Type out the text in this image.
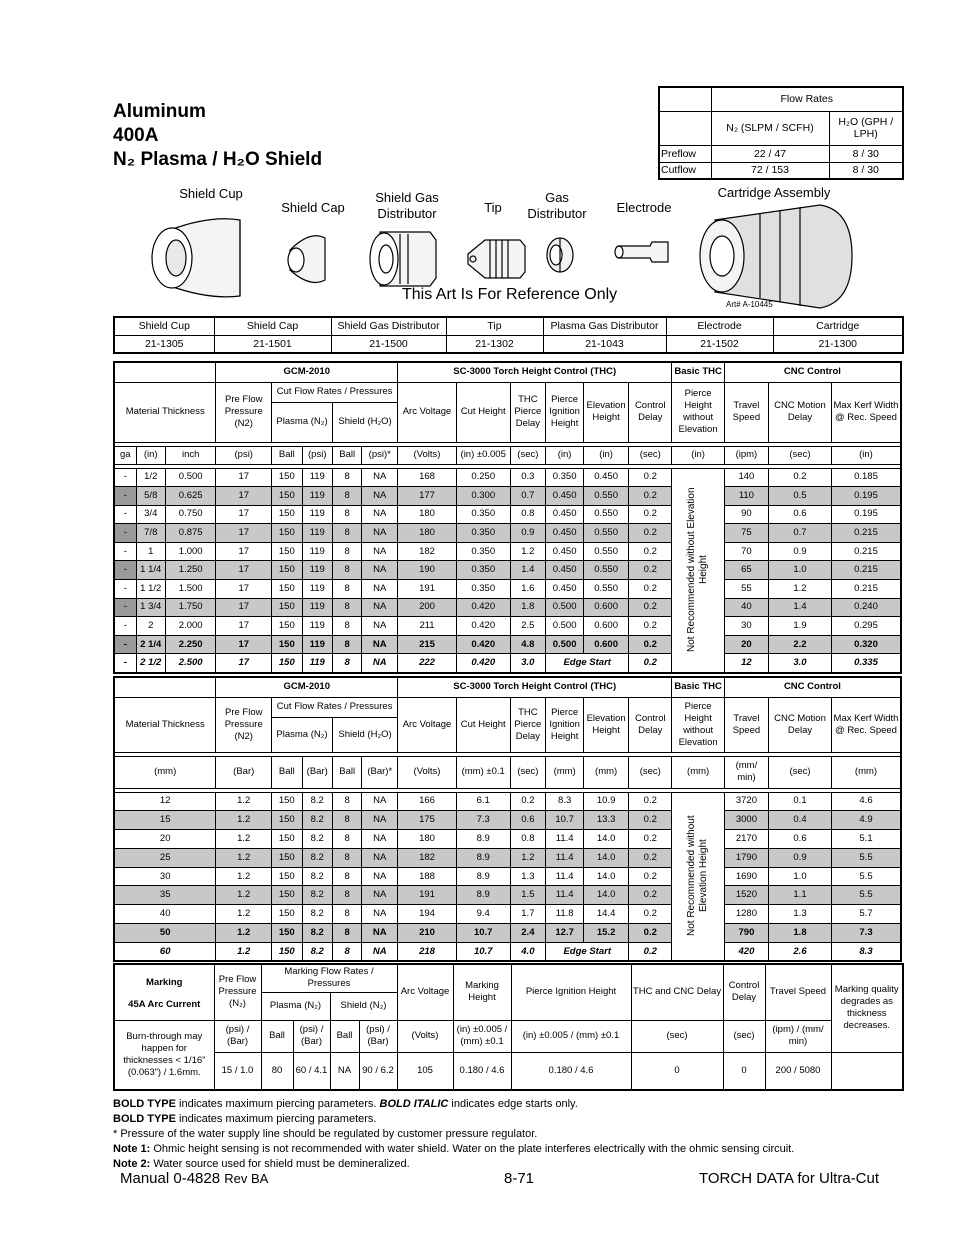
Aluminum
400A
N₂ Plasma / H₂O Shield
	Flow Rates	
	N₂ (SLPM / SCFH)	H₂O (GPH / LPH)
Preflow	22 / 47	8 / 30
Cutflow	72 / 153	8 / 30
Shield Cup
Shield Cap
Shield Gas Distributor	Tip
Gas Distributor	Electrode
Cartridge Assembly
This Art Is For Reference Only
Art# A-10445
Shield Cup	Shield Cap	Shield Gas Distributor	Tip	Plasma Gas Distributor	Electrode	Cartridge
21-1305	21-1501	21-1500	21-1302	21-1043	21-1502	21-1300
			GCM-2010					SC-3000 Torch Height Control (THC)						Basic THC	CNC Control		
Material Thickness			Pre Flow Pressure (N2)	Cut Flow Rates / Pressures				Arc Voltage	Cut Height	THC Pierce Delay	Pierce Ignition Height	Elevation Height	Control Delay	Pierce Height without Elevation	Travel Speed	CNC Motion Delay	Max Kerf Width @ Rec. Speed
				Plasma (N₂)		Shield (H₂O)											

ga	(in)	inch	(psi)	Ball	(psi)	Ball	(psi)*	(Volts)	(in) ±0.005	(sec)	(in)	(in)	(sec)	(in)	(ipm)	(sec)	(in)

-	1/2	0.500	17	150	119	8	NA	168	0.250	0.3	0.350	0.450	0.2	Not Recommended without Elevation Height	140	0.2	0.185
-	5/8	0.625	17	150	119	8	NA	177	0.300	0.7	0.450	0.550	0.2		110	0.5	0.195
-	3/4	0.750	17	150	119	8	NA	180	0.350	0.8	0.450	0.550	0.2		90	0.6	0.195
-	7/8	0.875	17	150	119	8	NA	180	0.350	0.9	0.450	0.550	0.2		75	0.7	0.215
-	1	1.000	17	150	119	8	NA	182	0.350	1.2	0.450	0.550	0.2		70	0.9	0.215
-	1 1/4	1.250	17	150	119	8	NA	190	0.350	1.4	0.450	0.550	0.2		65	1.0	0.215
-	1 1/2	1.500	17	150	119	8	NA	191	0.350	1.6	0.450	0.550	0.2		55	1.2	0.215
-	1 3/4	1.750	17	150	119	8	NA	200	0.420	1.8	0.500	0.600	0.2		40	1.4	0.240
-	2	2.000	17	150	119	8	NA	211	0.420	2.5	0.500	0.600	0.2		30	1.9	0.295
-	2 1/4	2.250	17	150	119	8	NA	215	0.420	4.8	0.500	0.600	0.2		20	2.2	0.320
-	2 1/2	2.500	17	150	119	8	NA	222	0.420	3.0	Edge Start		0.2		12	3.0	0.335
	GCM-2010					SC-3000 Torch Height Control (THC)						Basic THC	CNC Control		
Material Thickness	Pre Flow Pressure (N2)	Cut Flow Rates / Pressures				Arc Voltage	Cut Height	THC Pierce Delay	Pierce Ignition Height	Elevation Height	Control Delay	Pierce Height without Elevation	Travel Speed	CNC Motion Delay	Max Kerf Width @ Rec. Speed
		Plasma (N₂)		Shield (H₂O)											

(mm)	(Bar)	Ball	(Bar)	Ball	(Bar)*	(Volts)	(mm) ±0.1	(sec)	(mm)	(mm)	(sec)	(mm)	(mm/ min)	(sec)	(mm)

12	1.2	150	8.2	8	NA	166	6.1	0.2	8.3	10.9	0.2	Not Recommended without Elevation Height	3720	0.1	4.6
15	1.2	150	8.2	8	NA	175	7.3	0.6	10.7	13.3	0.2		3000	0.4	4.9
20	1.2	150	8.2	8	NA	180	8.9	0.8	11.4	14.0	0.2		2170	0.6	5.1
25	1.2	150	8.2	8	NA	182	8.9	1.2	11.4	14.0	0.2		1790	0.9	5.5
30	1.2	150	8.2	8	NA	188	8.9	1.3	11.4	14.0	0.2		1690	1.0	5.5
35	1.2	150	8.2	8	NA	191	8.9	1.5	11.4	14.0	0.2		1520	1.1	5.5
40	1.2	150	8.2	8	NA	194	9.4	1.7	11.8	14.4	0.2		1280	1.3	5.7
50	1.2	150	8.2	8	NA	210	10.7	2.4	12.7	15.2	0.2		790	1.8	7.3
60	1.2	150	8.2	8	NA	218	10.7	4.0	Edge Start		0.2		420	2.6	8.3
Marking
45A Arc Current	Pre Flow Pressure (N₂)	Marking Flow Rates / Pressures				Arc Voltage	Marking Height	Pierce Ignition Height	THC and CNC Delay	Control Delay	Travel Speed	Marking quality degrades as thickness decreases.
		Plasma (N₂)		Shield (N₂)								
Burn-through may happen for thicknesses < 1/16” (0.063”) / 1.6mm.	(psi) / (Bar)	Ball	(psi) / (Bar)	Ball	(psi) / (Bar)	(Volts)	(in) ±0.005 / (mm) ±0.1	(in) ±0.005 / (mm) ±0.1	(sec)	(sec)	(ipm) / (mm/ min)	
	15 / 1.0	80	60 / 4.1	NA	90 / 6.2	105	0.180 / 4.6	0.180 / 4.6	0	0	200 / 5080	
BOLD TYPE indicates maximum piercing parameters. BOLD ITALIC indicates edge starts only.
BOLD TYPE indicates maximum piercing parameters.
* Pressure of the water supply line should be regulated by customer pressure regulator.
Note 1: Ohmic height sensing is not recommended with water shield. Water on the plate interferes electrically with the ohmic sensing circuit.
Note 2: Water source used for shield must be demineralized.
Manual 0-4828 Rev BA	8-71	TORCH DATA for Ultra-Cut
